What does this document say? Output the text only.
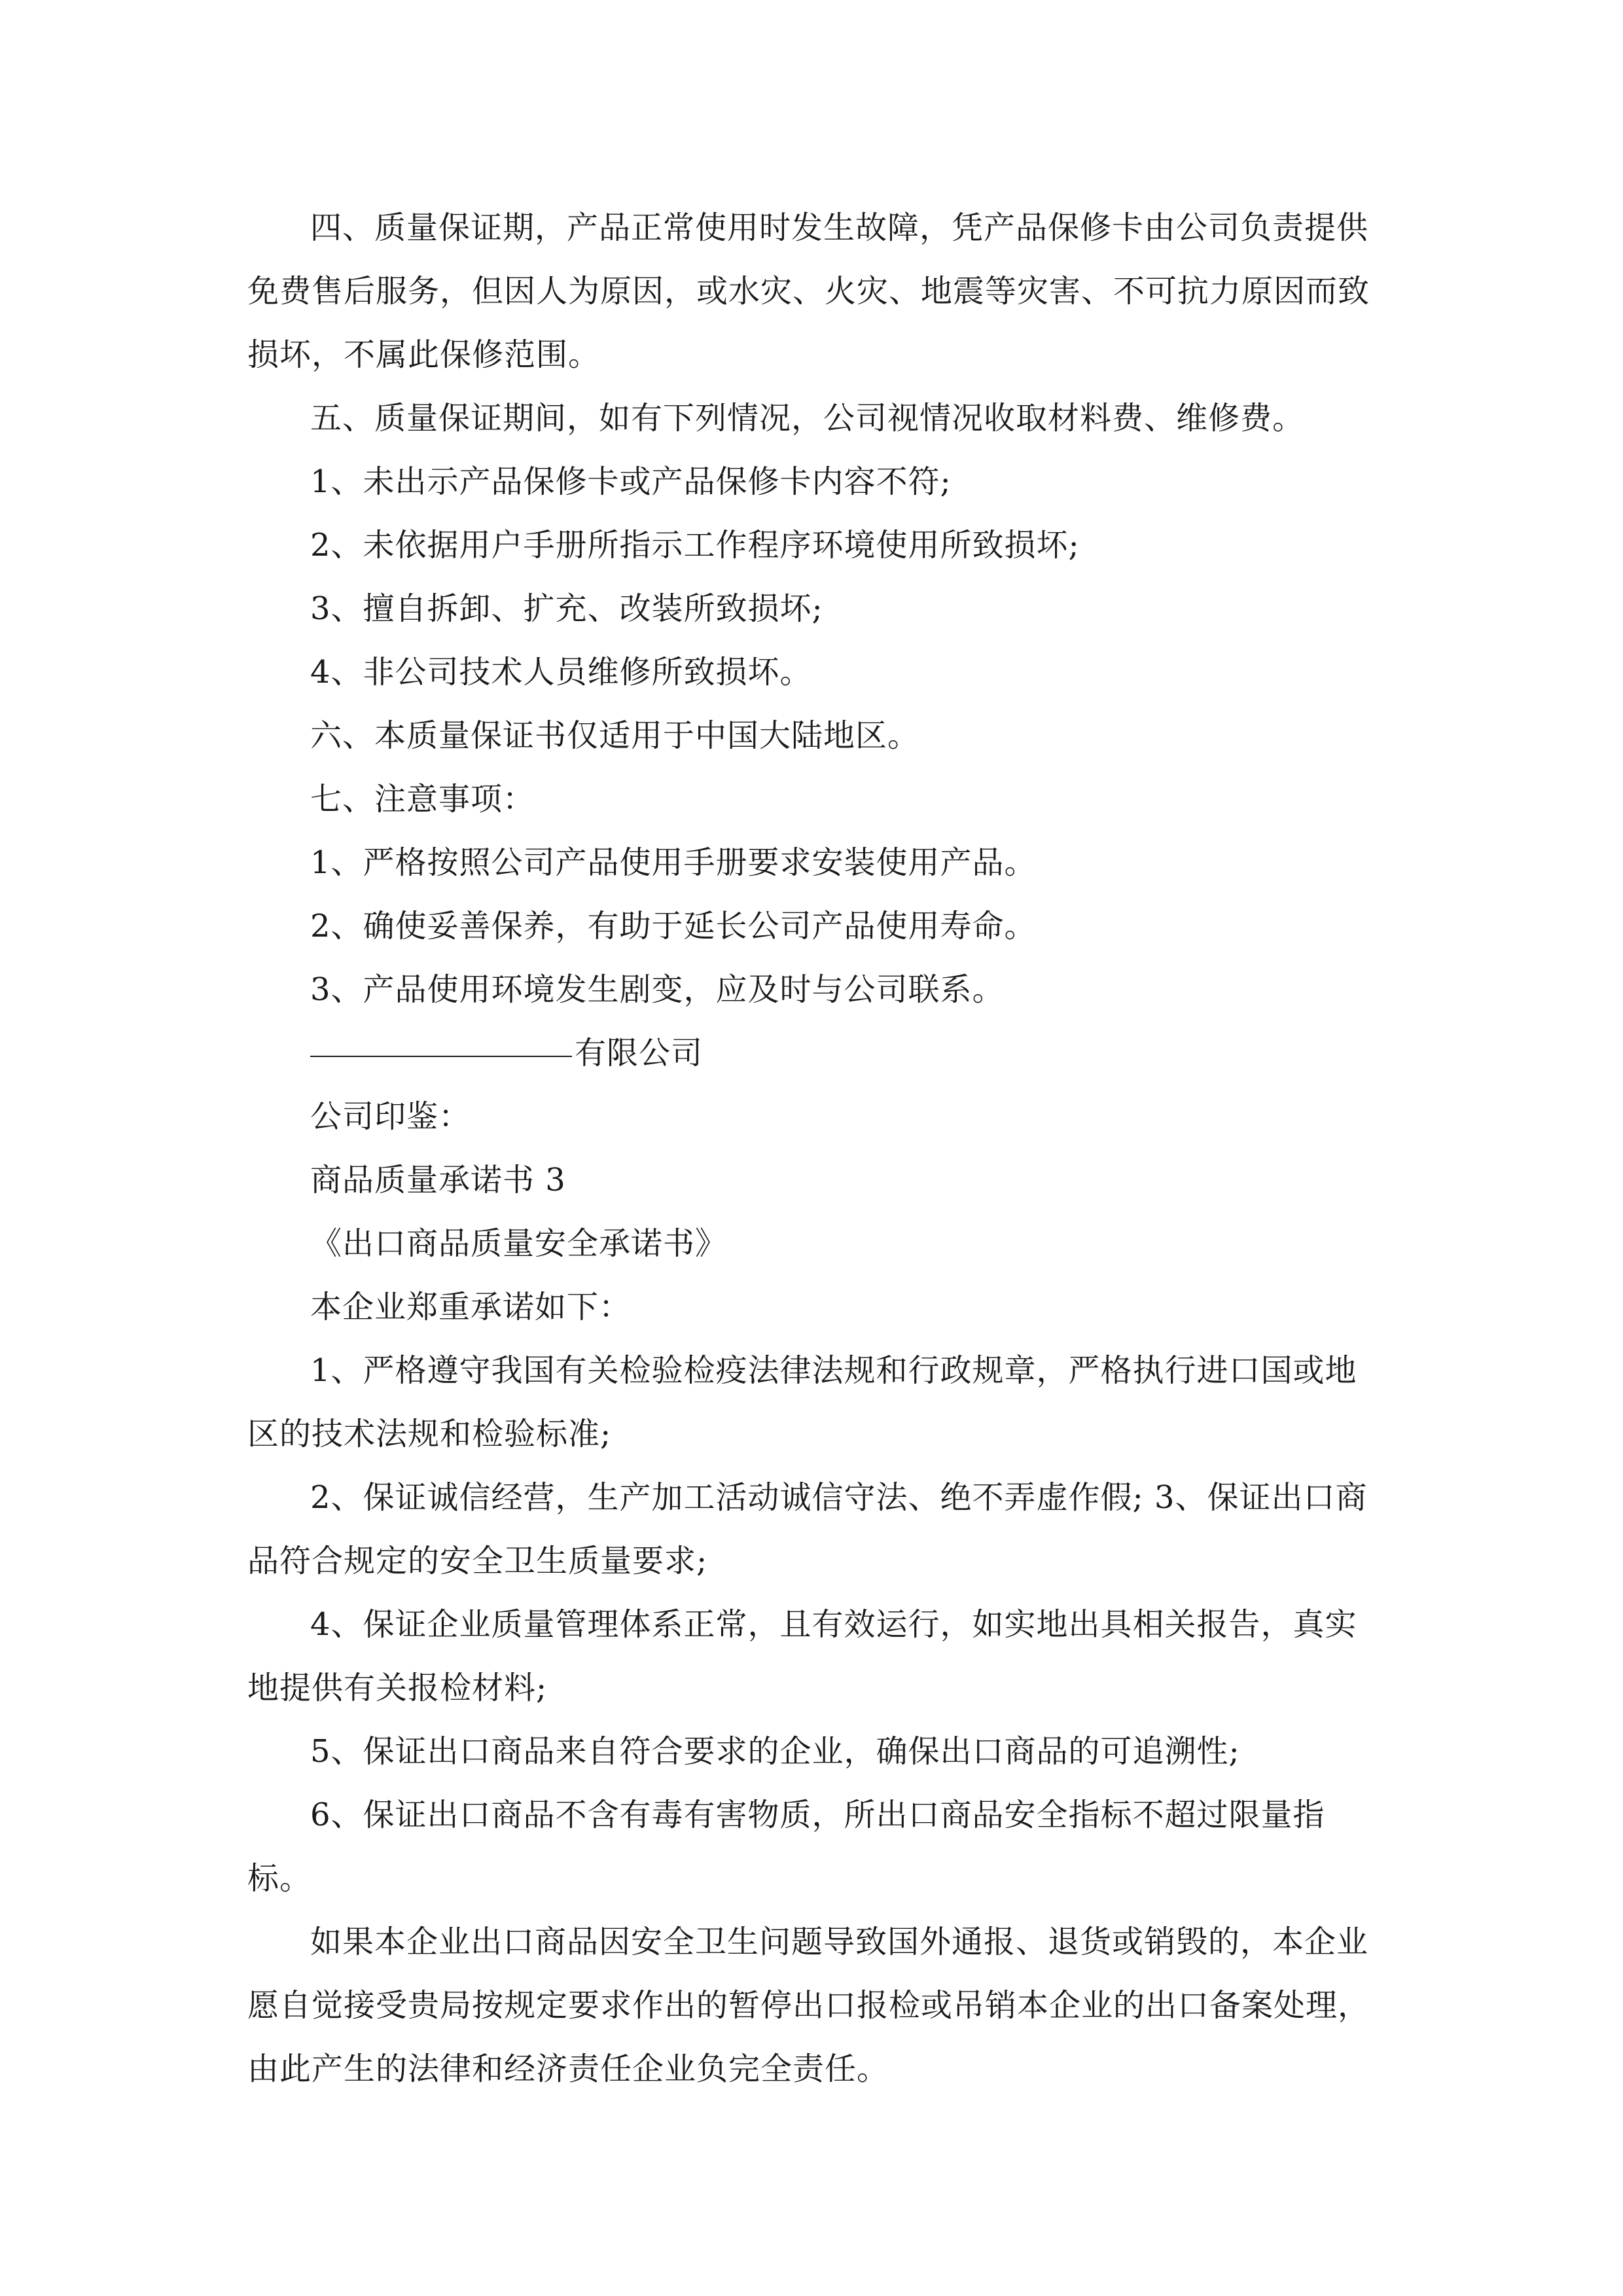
四、质量保证期，产品正常使用时发生故障，凭产品保修卡由公司负责提供免费售后服务，但因人为原因，或水灾、火灾、地震等灾害、不可抗力原因而致损坏，不属此保修范围。

五、质量保证期间，如有下列情况，公司视情况收取材料费、维修费。

1、未出示产品保修卡或产品保修卡内容不符;

2、未依据用户手册所指示工作程序环境使用所致损坏;

3、擅自拆卸、扩充、改装所致损坏;

4、非公司技术人员维修所致损坏。

六、本质量保证书仅适用于中国大陆地区。

七、注意事项：

1、严格按照公司产品使用手册要求安装使用产品。

2、确使妥善保养，有助于延长公司产品使用寿命。

3、产品使用环境发生剧变，应及时与公司联系。

有限公司

公司印鉴：

商品质量承诺书 3

《出口商品质量安全承诺书》

本企业郑重承诺如下：

1、严格遵守我国有关检验检疫法律法规和行政规章，严格执行进口国或地区的技术法规和检验标准;

2、保证诚信经营，生产加工活动诚信守法、绝不弄虚作假; 3、保证出口商品符合规定的安全卫生质量要求;

4、保证企业质量管理体系正常，且有效运行，如实地出具相关报告，真实地提供有关报检材料;

5、保证出口商品来自符合要求的企业，确保出口商品的可追溯性;

6、保证出口商品不含有毒有害物质，所出口商品安全指标不超过限量指标。

如果本企业出口商品因安全卫生问题导致国外通报、退货或销毁的，本企业愿自觉接受贵局按规定要求作出的暂停出口报检或吊销本企业的出口备案处理，由此产生的法律和经济责任企业负完全责任。
